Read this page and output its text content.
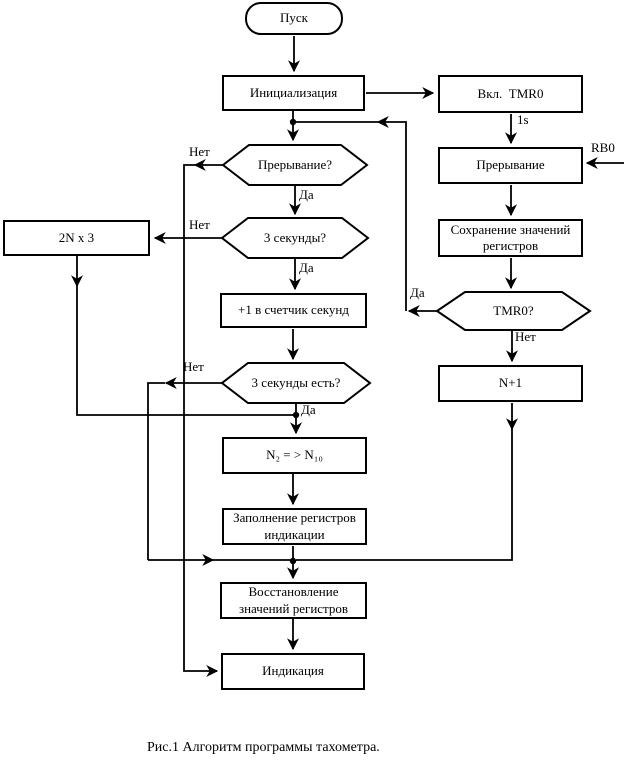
Пуск
Инициализация	Вкл.  TMR0
Прерывание
Сохранение значений регистров
N+1
2N x 3
+1 в счетчик секунд
N₂ = > N₁₀
Заполнение регистров индикации
Восстановление значений регистров
Индикация
Прерывание?
3 секунды?
3 секунды есть?
TMR0?
1s
RB0
Нет
Да
Нет
Да
Нет
Да
Да
Нет
Рис.1 Алгоритм программы тахометра.
